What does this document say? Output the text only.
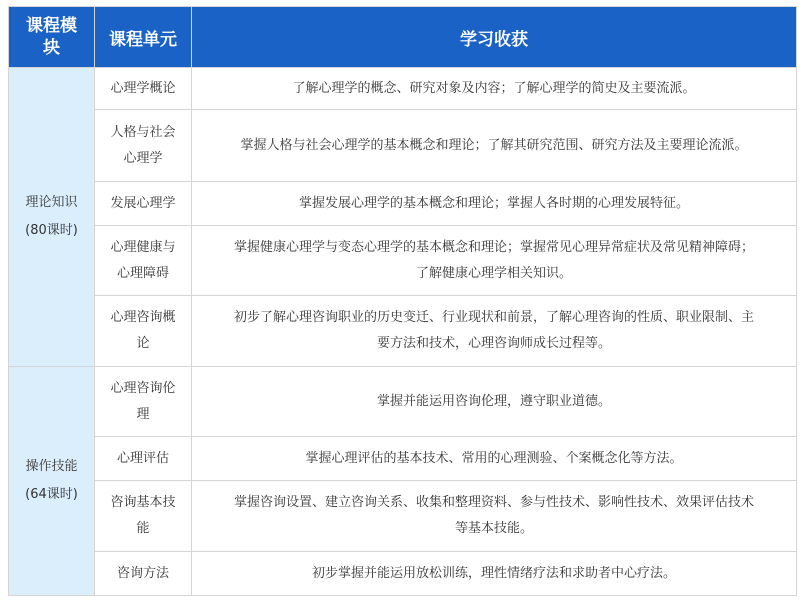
课程模
块	课程单元	学习收获

理论知识
(80课时)	心理学概论	了解心理学的概念、研究对象及内容；了解心理学的简史及主要流派。

	人格与社会
心理学	掌握人格与社会心理学的基本概念和理论；了解其研究范围、研究方法及主要理论流派。

	发展心理学	掌握发展心理学的基本概念和理论；掌握人各时期的心理发展特征。

	心理健康与
心理障碍	掌握健康心理学与变态心理学的基本概念和理论；掌握常见心理异常症状及常见精神障碍；
了解健康心理学相关知识。

	心理咨询概
论	初步了解心理咨询职业的历史变迁、行业现状和前景，了解心理咨询的性质、职业限制、主
要方法和技术，心理咨询师成长过程等。

操作技能
(64课时)	心理咨询伦
理	掌握并能运用咨询伦理，遵守职业道德。

	心理评估	掌握心理评估的基本技术、常用的心理测验、个案概念化等方法。

	咨询基本技
能	掌握咨询设置、建立咨询关系、收集和整理资料、参与性技术、影响性技术、效果评估技术
等基本技能。

	咨询方法	初步掌握并能运用放松训练，理性情绪疗法和求助者中心疗法。
